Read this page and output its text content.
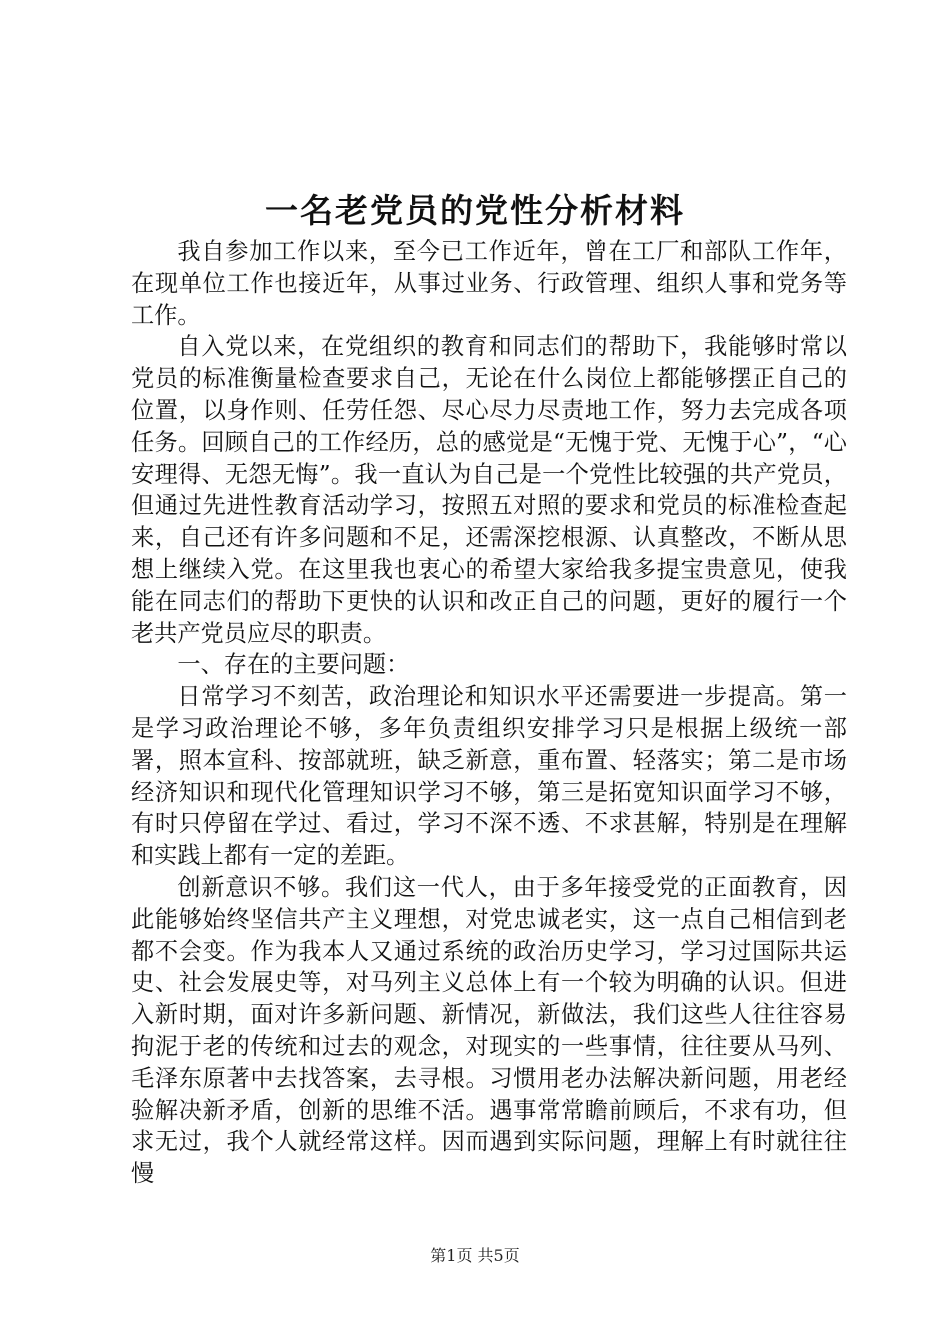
一名老党员的党性分析材料

我自参加工作以来，至今已工作近年，曾在工厂和部队工作年，在现单位工作也接近年，从事过业务、行政管理、组织人事和党务等工作。

自入党以来，在党组织的教育和同志们的帮助下，我能够时常以党员的标准衡量检查要求自己，无论在什么岗位上都能够摆正自己的位置，以身作则、任劳任怨、尽心尽力尽责地工作，努力去完成各项任务。回顾自己的工作经历，总的感觉是“无愧于党、无愧于心”，“心安理得、无怨无悔”。我一直认为自己是一个党性比较强的共产党员，但通过先进性教育活动学习，按照五对照的要求和党员的标准检查起来，自己还有许多问题和不足，还需深挖根源、认真整改，不断从思想上继续入党。在这里我也衷心的希望大家给我多提宝贵意见，使我能在同志们的帮助下更快的认识和改正自己的问题，更好的履行一个老共产党员应尽的职责。

一、存在的主要问题：

日常学习不刻苦，政治理论和知识水平还需要进一步提高。第一是学习政治理论不够，多年负责组织安排学习只是根据上级统一部署，照本宣科、按部就班，缺乏新意，重布置、轻落实；第二是市场经济知识和现代化管理知识学习不够，第三是拓宽知识面学习不够，有时只停留在学过、看过，学习不深不透、不求甚解，特别是在理解和实践上都有一定的差距。

创新意识不够。我们这一代人，由于多年接受党的正面教育，因此能够始终坚信共产主义理想，对党忠诚老实，这一点自己相信到老都不会变。作为我本人又通过系统的政治历史学习，学习过国际共运史、社会发展史等，对马列主义总体上有一个较为明确的认识。但进入新时期，面对许多新问题、新情况，新做法，我们这些人往往容易拘泥于老的传统和过去的观念，对现实的一些事情，往往要从马列、毛泽东原著中去找答案，去寻根。习惯用老办法解决新问题，用老经验解决新矛盾，创新的思维不活。遇事常常瞻前顾后，不求有功，但求无过，我个人就经常这样。因而遇到实际问题，理解上有时就往往慢

第1页 共5页
